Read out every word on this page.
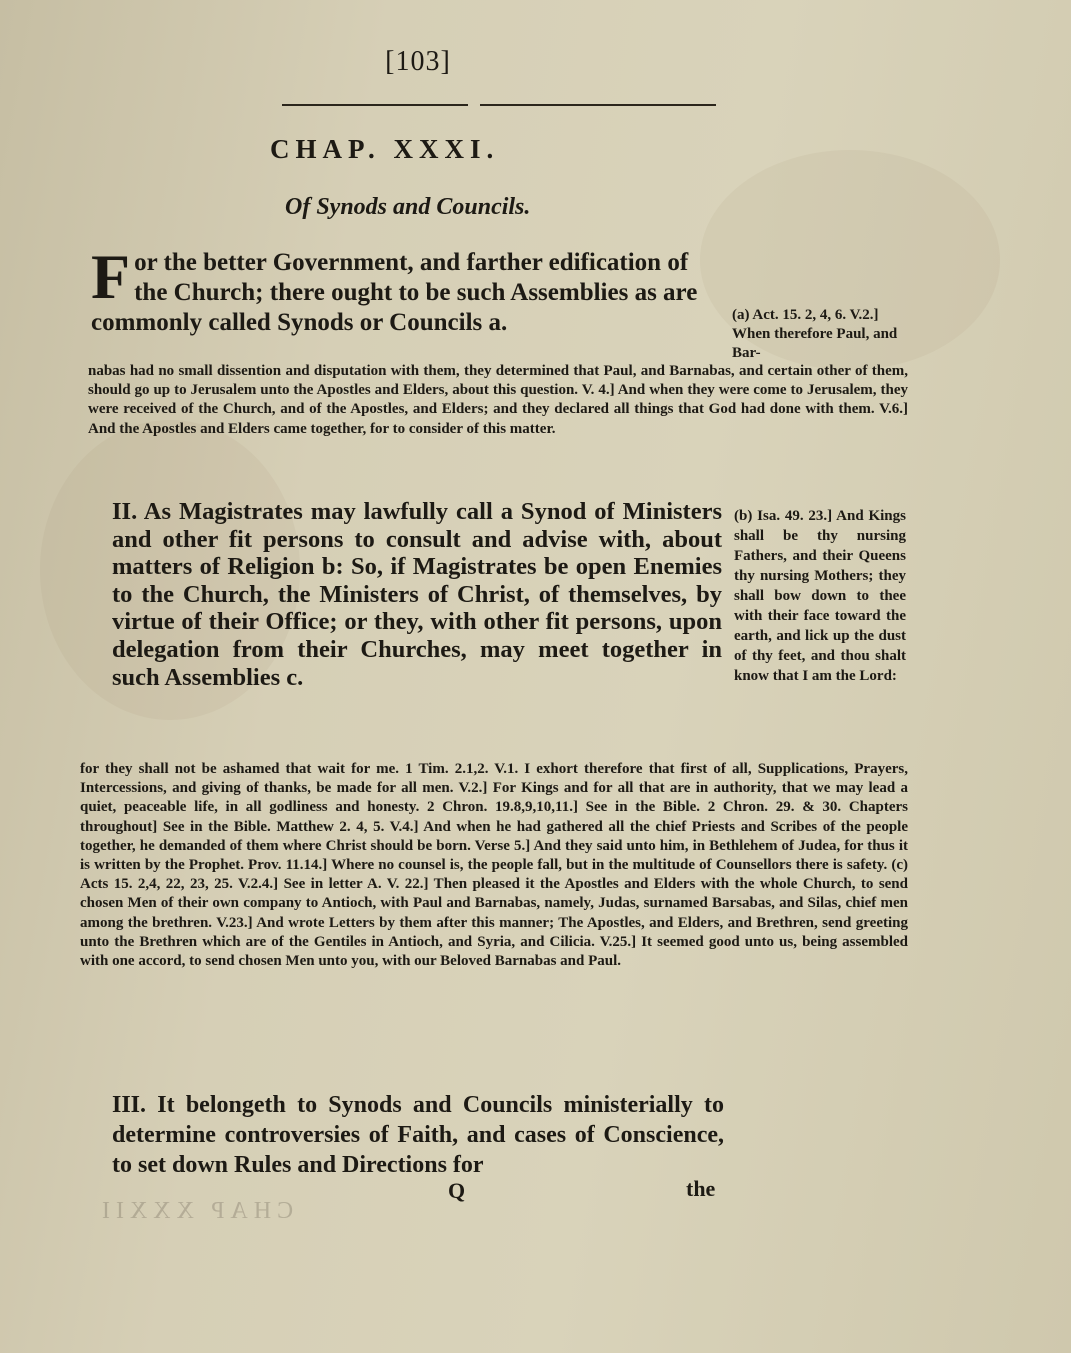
[103]
CHAP. XXXI.
Of Synods and Councils.
For the better Government, and farther edification of the Church; there ought to be such Assemblies as are commonly called Synods or Councils a.	(a) Act. 15. 2, 4, 6. V.2.] When therefore Paul, and Bar-
nabas had no small dissention and disputation with them, they determined that Paul, and Barnabas, and certain other of them, should go up to Jerusalem unto the Apostles and Elders, about this question. V. 4.] And when they were come to Jerusalem, they were received of the Church, and of the Apostles, and Elders; and they declared all things that God had done with them. V.6.] And the Apostles and Elders came together, for to consider of this matter.
II. As Magistrates may lawfully call a Synod of Ministers and other fit persons to consult and advise with, about matters of Religion b: So, if Magistrates be open Enemies to the Church, the Ministers of Christ, of themselves, by virtue of their Office; or they, with other fit persons, upon delegation from their Churches, may meet together in such Assemblies c.
(b) Isa. 49. 23.] And Kings shall be thy nursing Fathers, and their Queens thy nursing Mothers; they shall bow down to thee with their face toward the earth, and lick up the dust of thy feet, and thou shalt know that I am the Lord:
for they shall not be ashamed that wait for me. 1 Tim. 2.1,2. V.1. I exhort therefore that first of all, Supplications, Prayers, Intercessions, and giving of thanks, be made for all men. V.2.] For Kings and for all that are in authority, that we may lead a quiet, peaceable life, in all godliness and honesty. 2 Chron. 19.8,9,10,11.] See in the Bible. 2 Chron. 29. & 30. Chapters throughout] See in the Bible. Matthew 2. 4, 5. V.4.] And when he had gathered all the chief Priests and Scribes of the people together, he demanded of them where Christ should be born. Verse 5.] And they said unto him, in Bethlehem of Judea, for thus it is written by the Prophet. Prov. 11.14.] Where no counsel is, the people fall, but in the multitude of Counsellors there is safety. (c) Acts 15. 2,4, 22, 23, 25. V.2.4.] See in letter A. V. 22.] Then pleased it the Apostles and Elders with the whole Church, to send chosen Men of their own company to Antioch, with Paul and Barnabas, namely, Judas, surnamed Barsabas, and Silas, chief men among the brethren. V.23.] And wrote Letters by them after this manner; The Apostles, and Elders, and Brethren, send greeting unto the Brethren which are of the Gentiles in Antioch, and Syria, and Cilicia. V.25.] It seemed good unto us, being assembled with one accord, to send chosen Men unto you, with our Beloved Barnabas and Paul.
III. It belongeth to Synods and Councils ministerially to determine controversies of Faith, and cases of Conscience, to set down Rules and Directions for
Q	the
CHAP XXXII
